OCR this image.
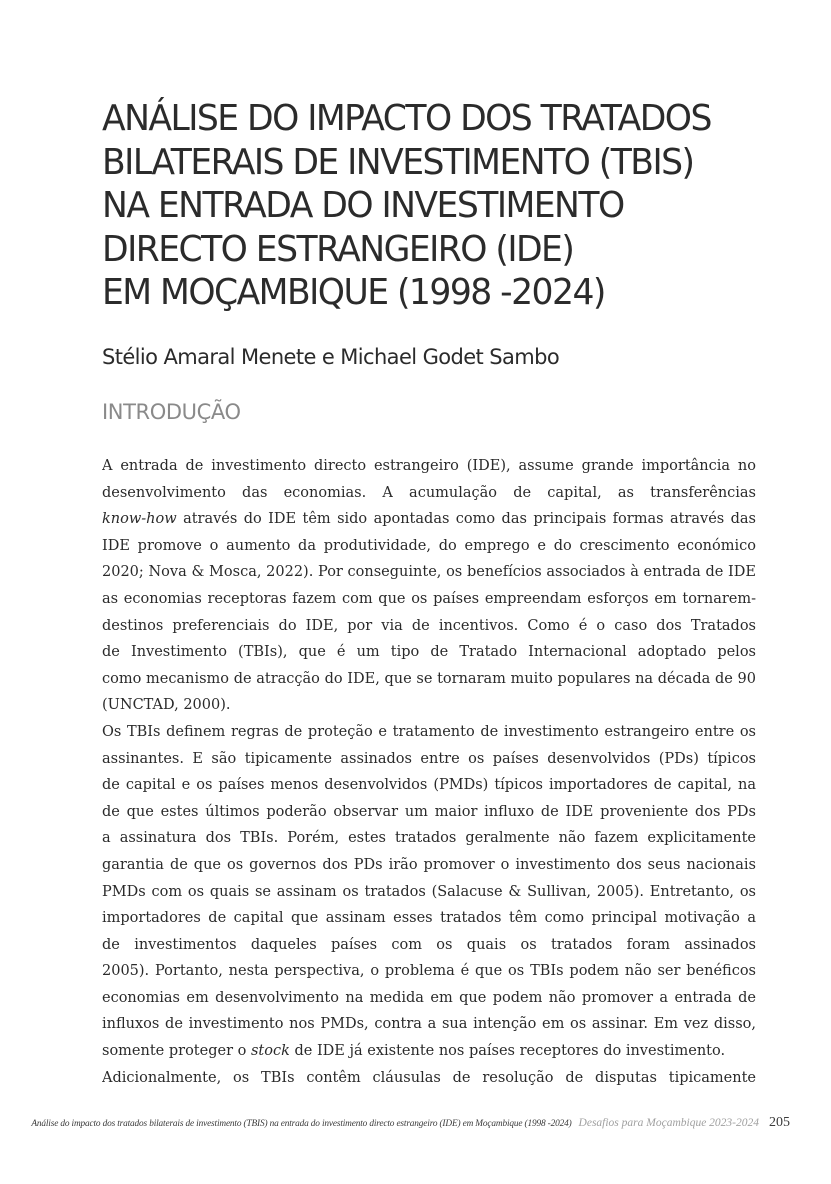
ANÁLISE DO IMPACTO DOS TRATADOS
BILATERAIS DE INVESTIMENTO (TBIS)
NA ENTRADA DO INVESTIMENTO
DIRECTO ESTRANGEIRO (IDE)
EM MOÇAMBIQUE (1998 -2024)
Stélio Amaral Menete e Michael Godet Sambo
INTRODUÇÃO
A entrada de investimento directo estrangeiro (IDE), assume grande importância no
desenvolvimento das economias. A acumulação de capital, as transferências
know-how através do IDE têm sido apontadas como das principais formas através das
IDE promove o aumento da produtividade, do emprego e do crescimento económico
2020; Nova & Mosca, 2022). Por conseguinte, os benefícios associados à entrada de IDE
as economias receptoras fazem com que os países empreendam esforços em tornarem-
destinos preferenciais do IDE, por via de incentivos. Como é o caso dos Tratados
de Investimento (TBIs), que é um tipo de Tratado Internacional adoptado pelos
como mecanismo de atracção do IDE, que se tornaram muito populares na década de 90
(UNCTAD, 2000).
Os TBIs definem regras de proteção e tratamento de investimento estrangeiro entre os
assinantes. E são tipicamente assinados entre os países desenvolvidos (PDs) típicos
de capital e os países menos desenvolvidos (PMDs) típicos importadores de capital, na
de que estes últimos poderão observar um maior influxo de IDE proveniente dos PDs
a assinatura dos TBIs. Porém, estes tratados geralmente não fazem explicitamente
garantia de que os governos dos PDs irão promover o investimento dos seus nacionais
PMDs com os quais se assinam os tratados (Salacuse & Sullivan, 2005). Entretanto, os
importadores de capital que assinam esses tratados têm como principal motivação a
de investimentos daqueles países com os quais os tratados foram assinados
2005). Portanto, nesta perspectiva, o problema é que os TBIs podem não ser benéficos
economias em desenvolvimento na medida em que podem não promover a entrada de
influxos de investimento nos PMDs, contra a sua intenção em os assinar. Em vez disso,
somente proteger o stock de IDE já existente nos países receptores do investimento.
Adicionalmente, os TBIs contêm cláusulas de resolução de disputas tipicamente
Análise do impacto dos tratados bilaterais de investimento (TBIS) na entrada do investimento directo estrangeiro (IDE) em Moçambique (1998 -2024) Desafios para Moçambique 2023-2024 205
